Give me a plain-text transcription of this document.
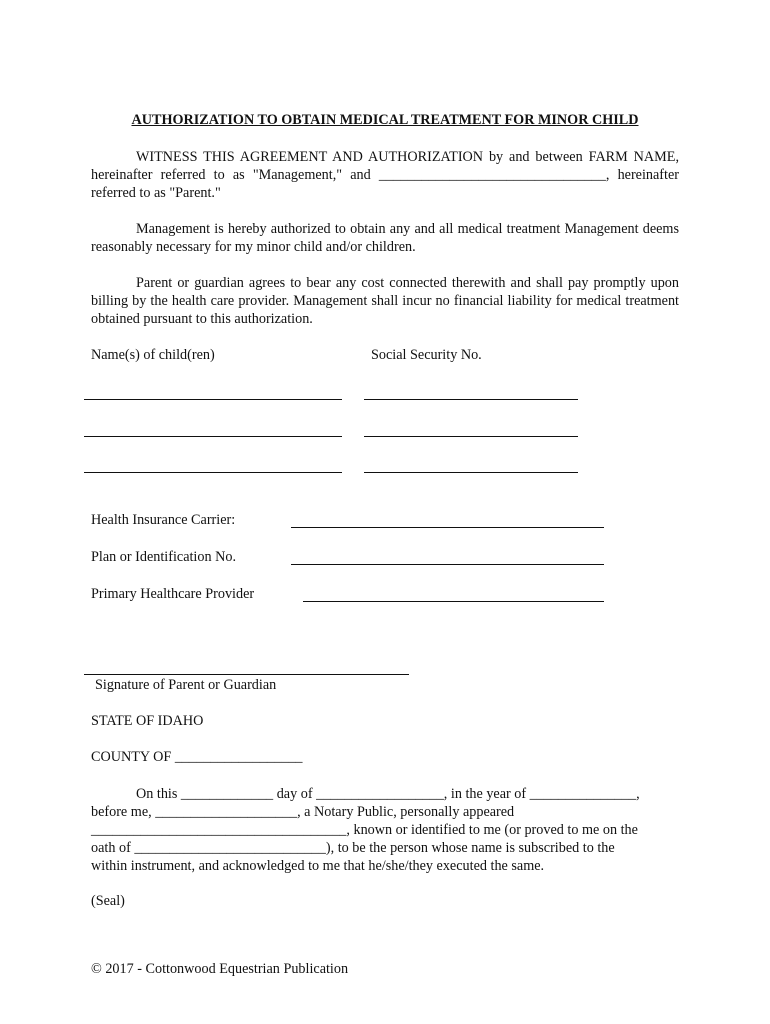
AUTHORIZATION TO OBTAIN MEDICAL TREATMENT FOR MINOR CHILD

WITNESS THIS AGREEMENT AND AUTHORIZATION by and between FARM NAME, hereinafter referred to as "Management," and ________________________________, hereinafter referred to as "Parent."

Management is hereby authorized to obtain any and all medical treatment Management deems reasonably necessary for my minor child and/or children.

Parent or guardian agrees to bear any cost connected therewith and shall pay promptly upon billing by the health care provider. Management shall incur no financial liability for medical treatment obtained pursuant to this authorization.

Name(s) of child(ren)	Social Security No.
Health Insurance Carrier:
Plan or Identification No.
Primary Healthcare Provider
Signature of Parent or Guardian
STATE OF IDAHO
COUNTY OF __________________
On this _____________ day of __________________, in the year of _______________,
before me, ____________________, a Notary Public, personally appeared
____________________________________, known or identified to me (or proved to me on the
oath of ___________________________), to be the person whose name is subscribed to the
within instrument, and acknowledged to me that he/she/they executed the same.
(Seal)
© 2017 - Cottonwood Equestrian Publication
